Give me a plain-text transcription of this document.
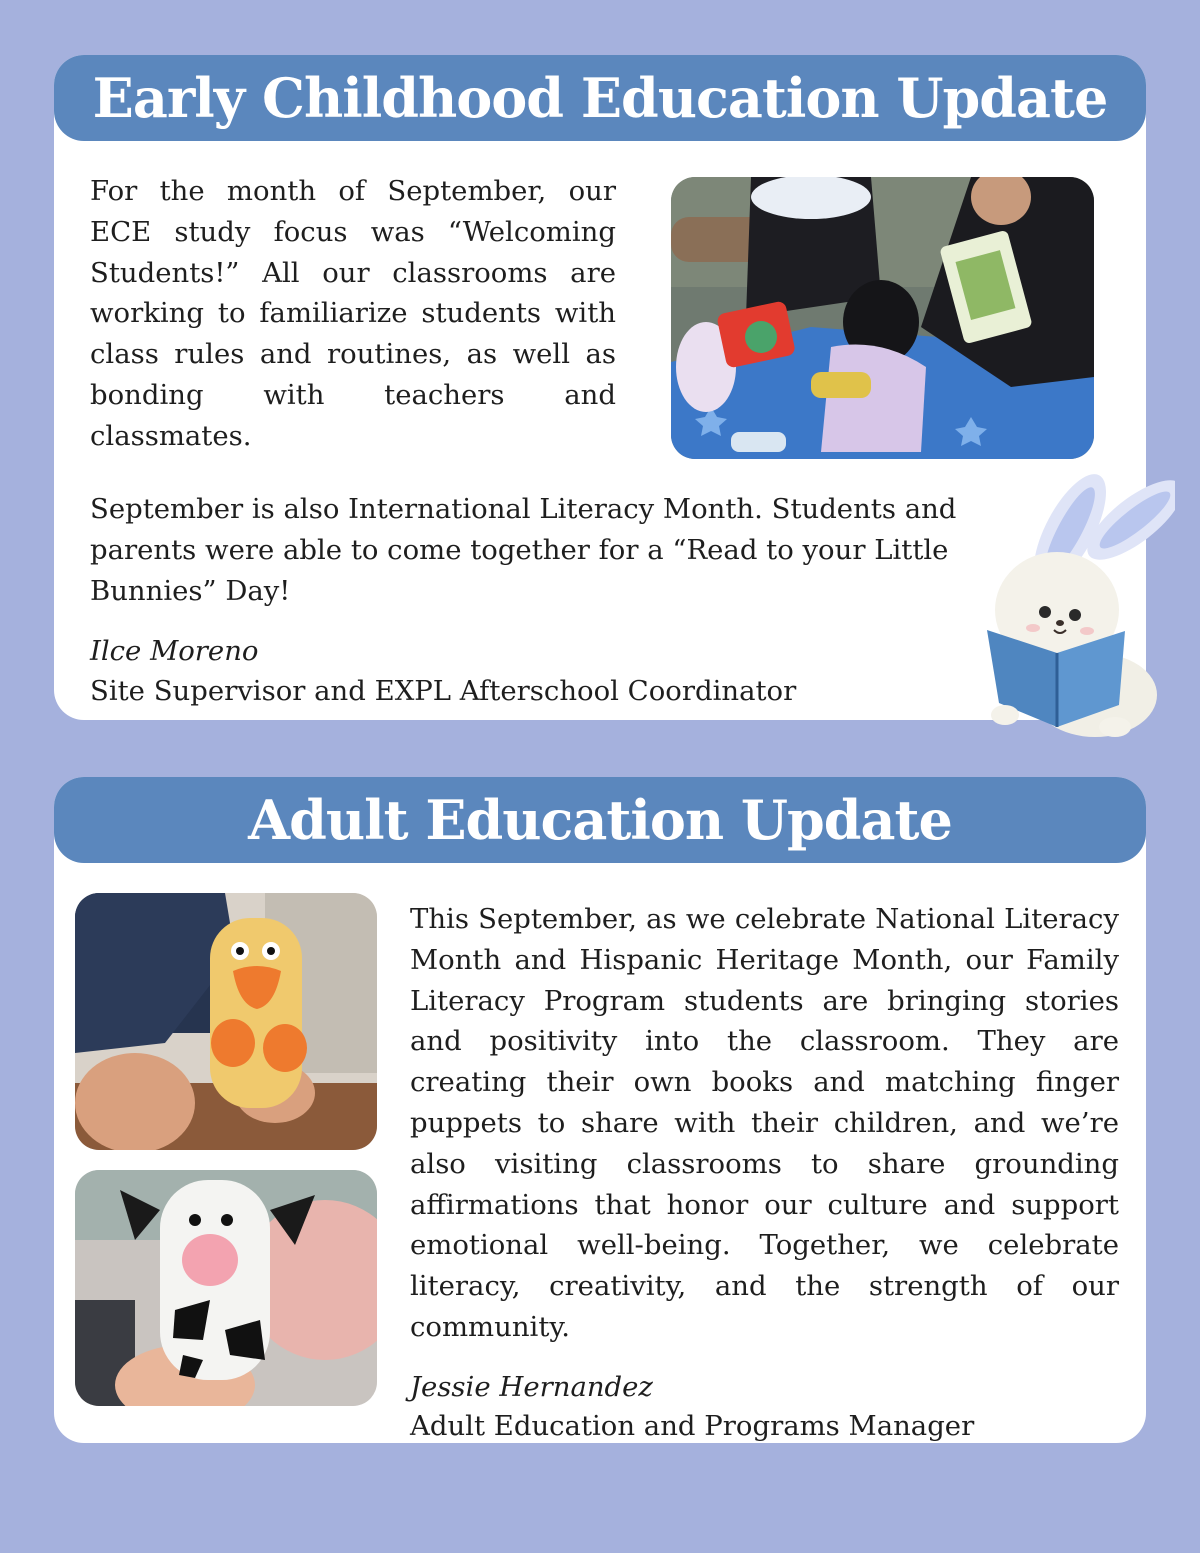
Early Childhood Education Update

For the month of September, our ECE study focus was “Welcoming Students!” All our classrooms are working to familiarize students with class rules and routines, as well as bonding with teachers and classmates.

September is also International Literacy Month. Students and parents were able to come together for a “Read to your Little Bunnies” Day!

Ilce Moreno

Site Supervisor and EXPL Afterschool Coordinator

Adult Education Update

This September, as we celebrate National Literacy Month and Hispanic Heritage Month, our Family Literacy Program students are bringing stories and positivity into the classroom. They are creating their own books and matching finger puppets to share with their children, and we’re also visiting classrooms to share grounding affirmations that honor our culture and support emotional well-being. Together, we celebrate literacy, creativity, and the strength of our community.

Jessie Hernandez

Adult Education and Programs Manager
